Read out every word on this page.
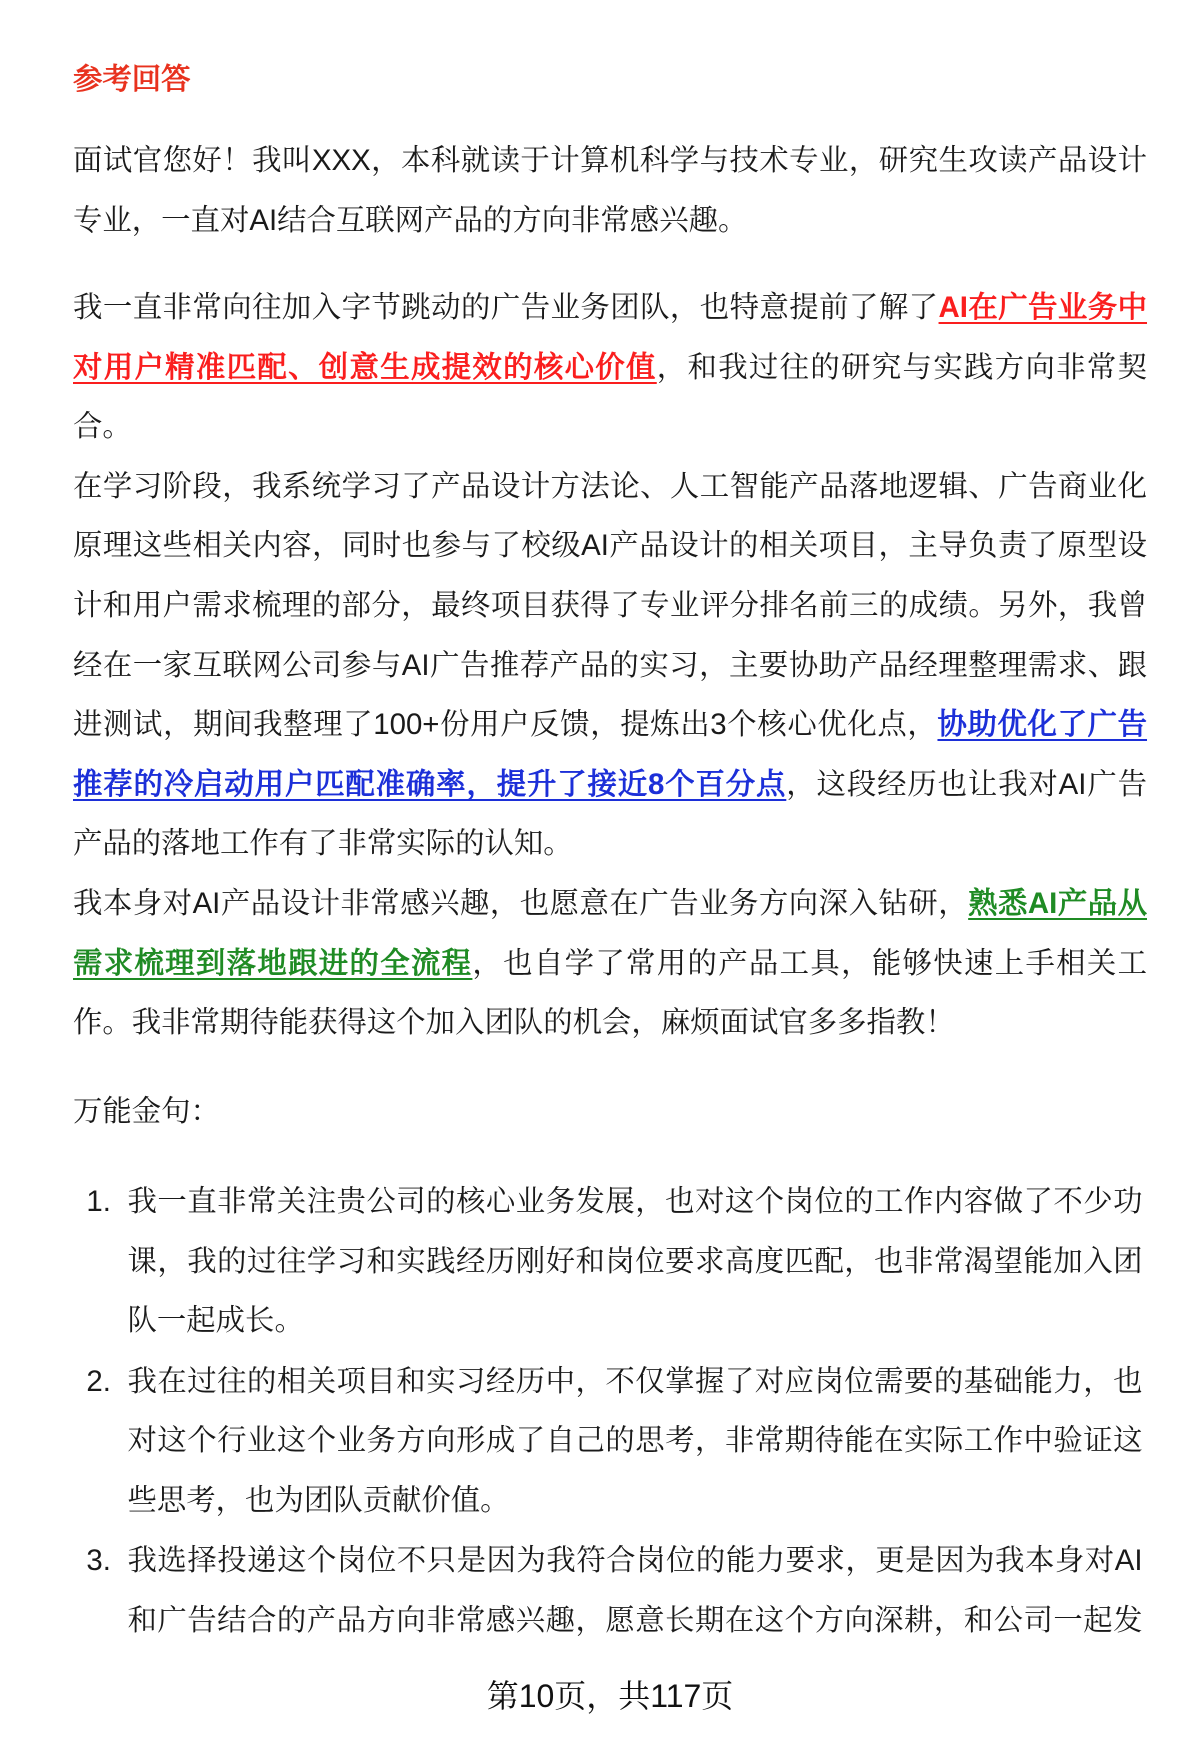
参考回答
面试官您好！我叫XXX，本科就读于计算机科学与技术专业，研究生攻读产品设计
专业，一直对AI结合互联网产品的方向非常感兴趣。
我一直非常向往加入字节跳动的广告业务团队，也特意提前了解了AI在广告业务中
对用户精准匹配、创意生成提效的核心价值，和我过往的研究与实践方向非常契
合。
在学习阶段，我系统学习了产品设计方法论、人工智能产品落地逻辑、广告商业化
原理这些相关内容，同时也参与了校级AI产品设计的相关项目，主导负责了原型设
计和用户需求梳理的部分，最终项目获得了专业评分排名前三的成绩。另外，我曾
经在一家互联网公司参与AI广告推荐产品的实习，主要协助产品经理整理需求、跟
进测试，期间我整理了100+份用户反馈，提炼出3个核心优化点，协助优化了广告
推荐的冷启动用户匹配准确率，提升了接近8个百分点，这段经历也让我对AI广告
产品的落地工作有了非常实际的认知。
我本身对AI产品设计非常感兴趣，也愿意在广告业务方向深入钻研，熟悉AI产品从
需求梳理到落地跟进的全流程，也自学了常用的产品工具，能够快速上手相关工
作。我非常期待能获得这个加入团队的机会，麻烦面试官多多指教！
万能金句：
1. 我一直非常关注贵公司的核心业务发展，也对这个岗位的工作内容做了不少功
课，我的过往学习和实践经历刚好和岗位要求高度匹配，也非常渴望能加入团
队一起成长。
2. 我在过往的相关项目和实习经历中，不仅掌握了对应岗位需要的基础能力，也
对这个行业这个业务方向形成了自己的思考，非常期待能在实际工作中验证这
些思考，也为团队贡献价值。
3. 我选择投递这个岗位不只是因为我符合岗位的能力要求，更是因为我本身对AI
和广告结合的产品方向非常感兴趣，愿意长期在这个方向深耕，和公司一起发
第10页，共117页
